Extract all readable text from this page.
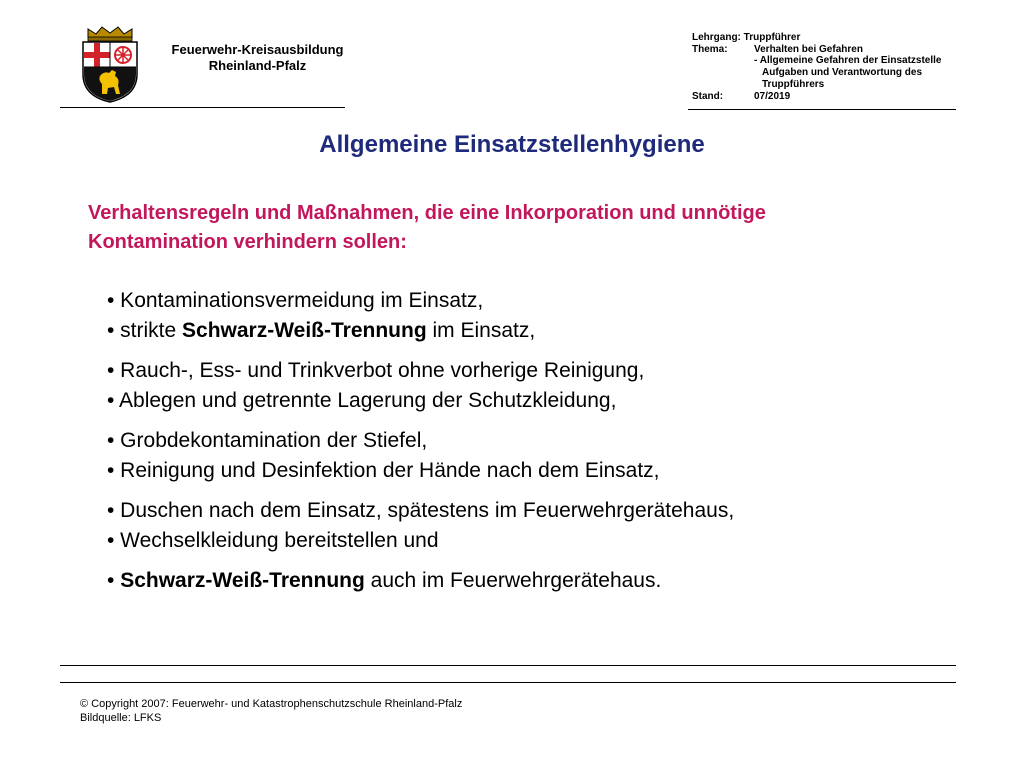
Feuerwehr-Kreisausbildung
Rheinland-Pfalz
Lehrgang:
Truppführer
Thema:	Verhalten bei Gefahren
- Allgemeine Gefahren der Einsatzstelle
Aufgaben und Verantwortung des
Truppführers
Stand:	07/2019
Allgemeine Einsatzstellenhygiene
Verhaltensregeln und Maßnahmen, die eine Inkorporation und unnötige
Kontamination verhindern sollen:
• Kontaminationsvermeidung im Einsatz,
• strikte Schwarz-Weiß-Trennung im Einsatz,
• Rauch-, Ess- und Trinkverbot ohne vorherige Reinigung,
• Ablegen und getrennte Lagerung der Schutzkleidung,
• Grobdekontamination der Stiefel,
• Reinigung und Desinfektion der Hände nach dem Einsatz,
• Duschen nach dem Einsatz, spätestens im Feuerwehrgerätehaus,
• Wechselkleidung bereitstellen und
• Schwarz-Weiß-Trennung auch im Feuerwehrgerätehaus.
© Copyright 2007: Feuerwehr- und Katastrophenschutzschule Rheinland-Pfalz
Bildquelle: LFKS
